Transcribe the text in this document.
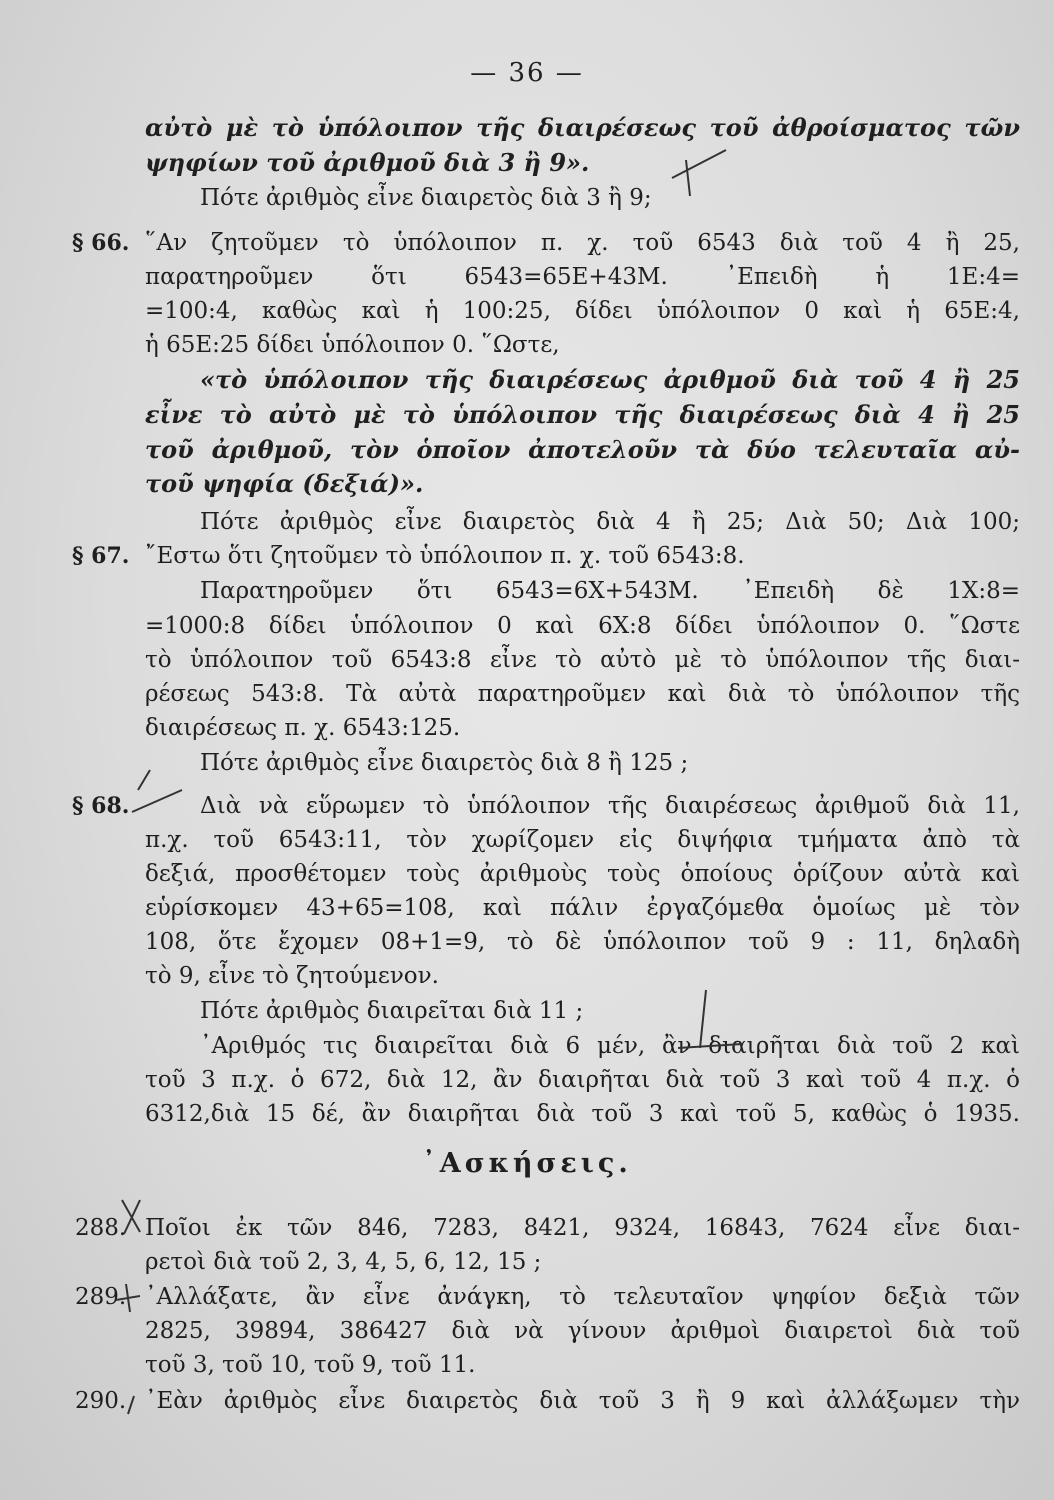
— 36 —
§ 66.
§ 67.
§ 68.
αὐτὸ μὲ τὸ ὑπόλοιπον τῆς διαιρέσεως τοῦ ἀθροίσματος τῶν
ψηφίων τοῦ ἀριθμοῦ διὰ 3 ἢ 9».
Πότε ἀριθμὸς εἶνε διαιρετὸς διὰ 3 ἢ 9;
῞Αν ζητοῦμεν τὸ ὑπόλοιπον π. χ. τοῦ 6543 διὰ τοῦ 4 ἢ 25,
παρατηροῦμεν ὅτι 6543=65Ε+43Μ. ᾿Επειδὴ ἡ 1Ε:4=
=100:4, καθὼς καὶ ἡ 100:25, δίδει ὑπόλοιπον 0 καὶ ἡ 65Ε:4,
ἡ 65Ε:25 δίδει ὑπόλοιπον 0. ῞Ωστε,
«τὸ ὑπόλοιπον τῆς διαιρέσεως ἀριθμοῦ διὰ τοῦ 4 ἢ 25
εἶνε τὸ αὐτὸ μὲ τὸ ὑπόλοιπον τῆς διαιρέσεως διὰ 4 ἢ 25
τοῦ ἀριθμοῦ, τὸν ὁποῖον ἀποτελοῦν τὰ δύο τελευταῖα αὐ-
τοῦ ψηφία (δεξιά)».
Πότε ἀριθμὸς εἶνε διαιρετὸς διὰ 4 ἢ 25; Διὰ 50; Διὰ 100;
῎Εστω ὅτι ζητοῦμεν τὸ ὑπόλοιπον π. χ. τοῦ 6543:8.
Παρατηροῦμεν ὅτι 6543=6Χ+543Μ. ᾿Επειδὴ δὲ 1Χ:8=
=1000:8 δίδει ὑπόλοιπον 0 καὶ 6Χ:8 δίδει ὑπόλοιπον 0. ῞Ωστε
τὸ ὑπόλοιπον τοῦ 6543:8 εἶνε τὸ αὐτὸ μὲ τὸ ὑπόλοιπον τῆς διαι-
ρέσεως 543:8. Τὰ αὐτὰ παρατηροῦμεν καὶ διὰ τὸ ὑπόλοιπον τῆς
διαιρέσεως π. χ. 6543:125.
Πότε ἀριθμὸς εἶνε διαιρετὸς διὰ 8 ἢ 125 ;
Διὰ νὰ εὕρωμεν τὸ ὑπόλοιπον τῆς διαιρέσεως ἀριθμοῦ διὰ 11,
π.χ. τοῦ 6543:11, τὸν χωρίζομεν εἰς διψήφια τμήματα ἀπὸ τὰ
δεξιά, προσθέτομεν τοὺς ἀριθμοὺς τοὺς ὁποίους ὁρίζουν αὐτὰ καὶ
εὑρίσκομεν 43+65=108, καὶ πάλιν ἐργαζόμεθα ὁμοίως μὲ τὸν
108, ὅτε ἔχομεν 08+1=9, τὸ δὲ ὑπόλοιπον τοῦ 9 : 11, δηλαδὴ
τὸ 9, εἶνε τὸ ζητούμενον.
Πότε ἀριθμὸς διαιρεῖται διὰ 11 ;
᾿Αριθμός τις διαιρεῖται διὰ 6 μέν, ἂν διαιρῆται διὰ τοῦ 2 καὶ
τοῦ 3 π.χ. ὁ 672, διὰ 12, ἂν διαιρῆται διὰ τοῦ 3 καὶ τοῦ 4 π.χ. ὁ
6312,διὰ 15 δέ, ἂν διαιρῆται διὰ τοῦ 3 καὶ τοῦ 5, καθὼς ὁ 1935.
᾿Ασκήσεις.
288. Ποῖοι ἐκ τῶν 846, 7283, 8421, 9324, 16843, 7624 εἶνε διαι-
ρετοὶ διὰ τοῦ 2, 3, 4, 5, 6, 12, 15 ;
289. ᾿Αλλάξατε, ἂν εἶνε ἀνάγκη, τὸ τελευταῖον ψηφίον δεξιὰ τῶν
2825, 39894, 386427 διὰ νὰ γίνουν ἀριθμοὶ διαιρετοὶ διὰ τοῦ
τοῦ 3, τοῦ 10, τοῦ 9, τοῦ 11.
290. ᾿Εὰν ἀριθμὸς εἶνε διαιρετὸς διὰ τοῦ 3 ἢ 9 καὶ ἀλλάξωμεν τὴν
